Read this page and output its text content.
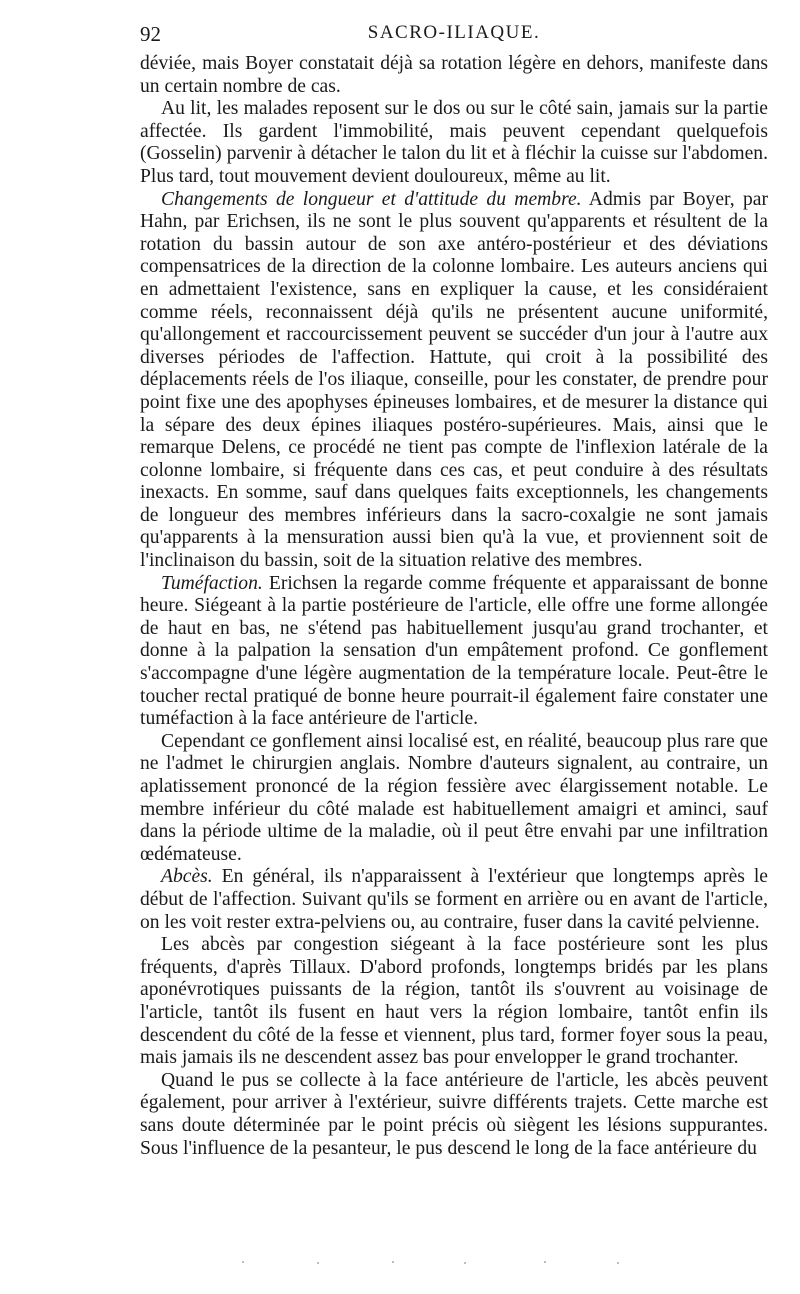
92	SACRO-ILIAQUE.

déviée, mais Boyer constatait déjà sa rotation légère en dehors, manifeste dans un certain nombre de cas.

Au lit, les malades reposent sur le dos ou sur le côté sain, jamais sur la partie affectée. Ils gardent l'immobilité, mais peuvent cependant quelquefois (Gosselin) parvenir à détacher le talon du lit et à fléchir la cuisse sur l'abdomen. Plus tard, tout mouvement devient douloureux, même au lit.

Changements de longueur et d'attitude du membre. Admis par Boyer, par Hahn, par Erichsen, ils ne sont le plus souvent qu'apparents et résultent de la rotation du bassin autour de son axe antéro-postérieur et des déviations compensatrices de la direction de la colonne lombaire. Les auteurs anciens qui en admettaient l'existence, sans en expliquer la cause, et les considéraient comme réels, reconnaissent déjà qu'ils ne présentent aucune uniformité, qu'allongement et raccourcissement peuvent se succéder d'un jour à l'autre aux diverses périodes de l'affection. Hattute, qui croit à la possibilité des déplacements réels de l'os iliaque, conseille, pour les constater, de prendre pour point fixe une des apophyses épineuses lombaires, et de mesurer la distance qui la sépare des deux épines iliaques postéro-supérieures. Mais, ainsi que le remarque Delens, ce procédé ne tient pas compte de l'inflexion latérale de la colonne lombaire, si fréquente dans ces cas, et peut conduire à des résultats inexacts. En somme, sauf dans quelques faits exceptionnels, les changements de longueur des membres inférieurs dans la sacro-coxalgie ne sont jamais qu'apparents à la mensuration aussi bien qu'à la vue, et proviennent soit de l'inclinaison du bassin, soit de la situation relative des membres.

Tuméfaction. Erichsen la regarde comme fréquente et apparaissant de bonne heure. Siégeant à la partie postérieure de l'article, elle offre une forme allongée de haut en bas, ne s'étend pas habituellement jusqu'au grand trochanter, et donne à la palpation la sensation d'un empâtement profond. Ce gonflement s'accompagne d'une légère augmentation de la température locale. Peut-être le toucher rectal pratiqué de bonne heure pourrait-il également faire constater une tuméfaction à la face antérieure de l'article.

Cependant ce gonflement ainsi localisé est, en réalité, beaucoup plus rare que ne l'admet le chirurgien anglais. Nombre d'auteurs signalent, au contraire, un aplatissement prononcé de la région fessière avec élargissement notable. Le membre inférieur du côté malade est habituellement amaigri et aminci, sauf dans la période ultime de la maladie, où il peut être envahi par une infiltration œdémateuse.

Abcès. En général, ils n'apparaissent à l'extérieur que longtemps après le début de l'affection. Suivant qu'ils se forment en arrière ou en avant de l'article, on les voit rester extra-pelviens ou, au contraire, fuser dans la cavité pelvienne.

Les abcès par congestion siégeant à la face postérieure sont les plus fréquents, d'après Tillaux. D'abord profonds, longtemps bridés par les plans aponévrotiques puissants de la région, tantôt ils s'ouvrent au voisinage de l'article, tantôt ils fusent en haut vers la région lombaire, tantôt enfin ils descendent du côté de la fesse et viennent, plus tard, former foyer sous la peau, mais jamais ils ne descendent assez bas pour envelopper le grand trochanter.

Quand le pus se collecte à la face antérieure de l'article, les abcès peuvent également, pour arriver à l'extérieur, suivre différents trajets. Cette marche est sans doute déterminée par le point précis où siègent les lésions suppurantes. Sous l'influence de la pesanteur, le pus descend le long de la face antérieure du
